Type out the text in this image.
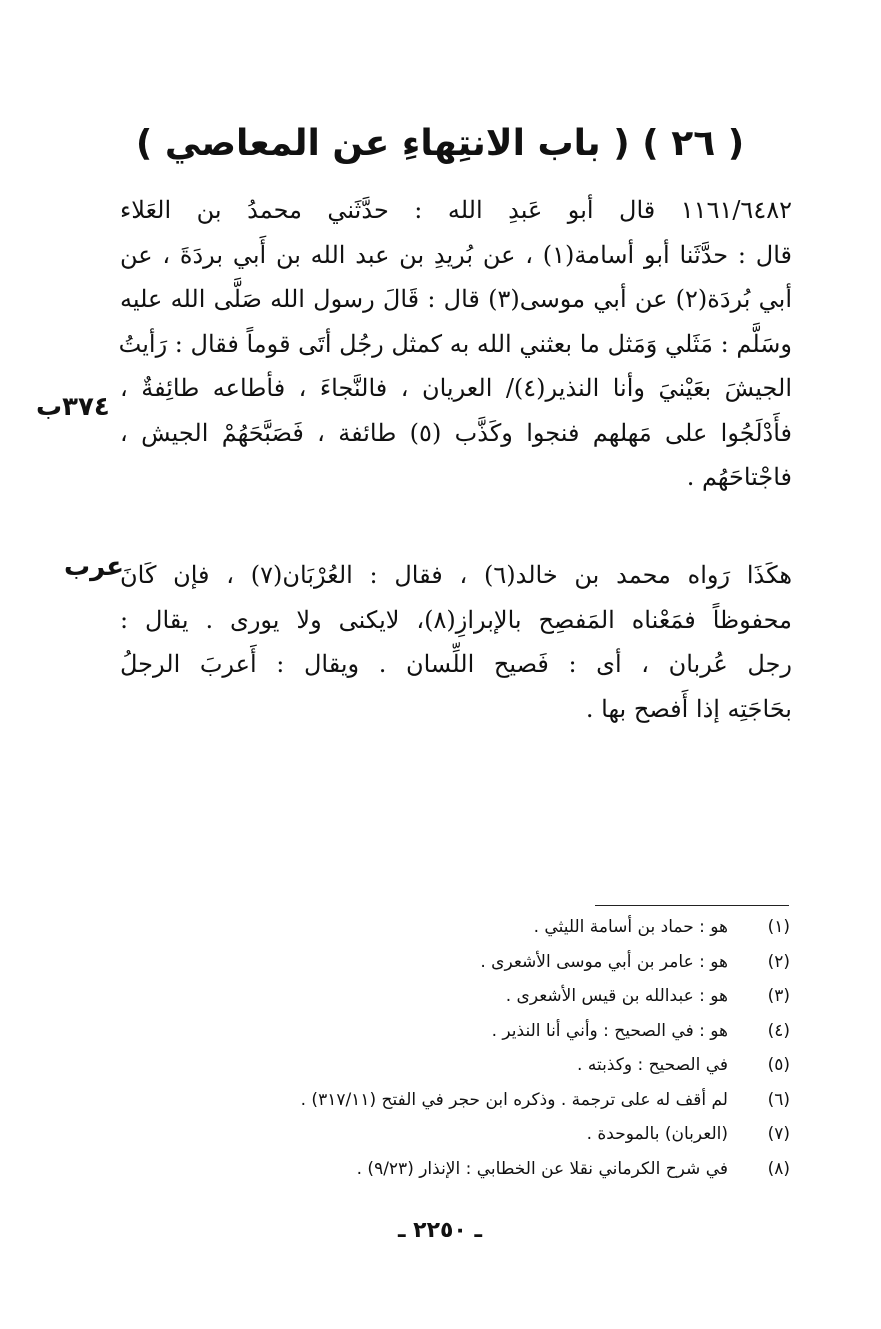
( ٢٦ ) ( باب الانتِهاءِ عن المعاصي )
١١٦١/٦٤٨٢ قال أبو عَبدِ الله : حدَّثَني محمدُ بن العَلاء
قال : حدَّثَنا أبو أسامة(١) ، عن بُريدِ بن عبد الله بن أَبي بردَةَ ، عن
أبي بُردَة(٢) عن أبي موسى(٣) قال : قَالَ رسول الله صَلَّى الله عليه
وسَلَّم : مَثَلي وَمَثل ما بعثني الله به كمثل رجُل أتَى قوماً فقال : رَأيتُ
الجيشَ بعَيْنيَ وأنا النذير(٤)/ العريان ، فالنَّجاءَ ، فأطاعه طائِفةٌ ،
فأَدْلَجُوا على مَهلهم فنجوا وكَذَّب (٥) طائفة ، فَصَبَّحَهُمْ الجيش ،
فاجْتاحَهُم .
٣٧٤ب
هكَذَا رَواه محمد بن خالد(٦) ، فقال : العُرْبَان(٧) ، فإن كَانَ
محفوظاً فمَعْناه المَفصِح بالإبرازِ(٨)، لايكنى ولا يورى . يقال :
رجل عُربان ، أى : فَصيح اللِّسان . ويقال : أَعربَ الرجلُ
بحَاجَتِه إذا أَفصح بها .
عرب
(١)
هو : حماد بن أسامة الليثي .
(٢)
هو : عامر بن أبي موسى الأشعرى .
(٣)
هو : عبدالله بن قيس الأشعرى .
(٤)
هو : في الصحيح : وأني أنا النذير .
(٥)
في الصحيح : وكذبته .
(٦)
لم أقف له على ترجمة . وذكره ابن حجر في الفتح (٣١٧/١١) .
(٧)
(العربان) بالموحدة .
(٨)
في شرح الكرماني نقلا عن الخطابي : الإنذار (٩/٢٣) .
ـ ٢٢٥٠ ـ
